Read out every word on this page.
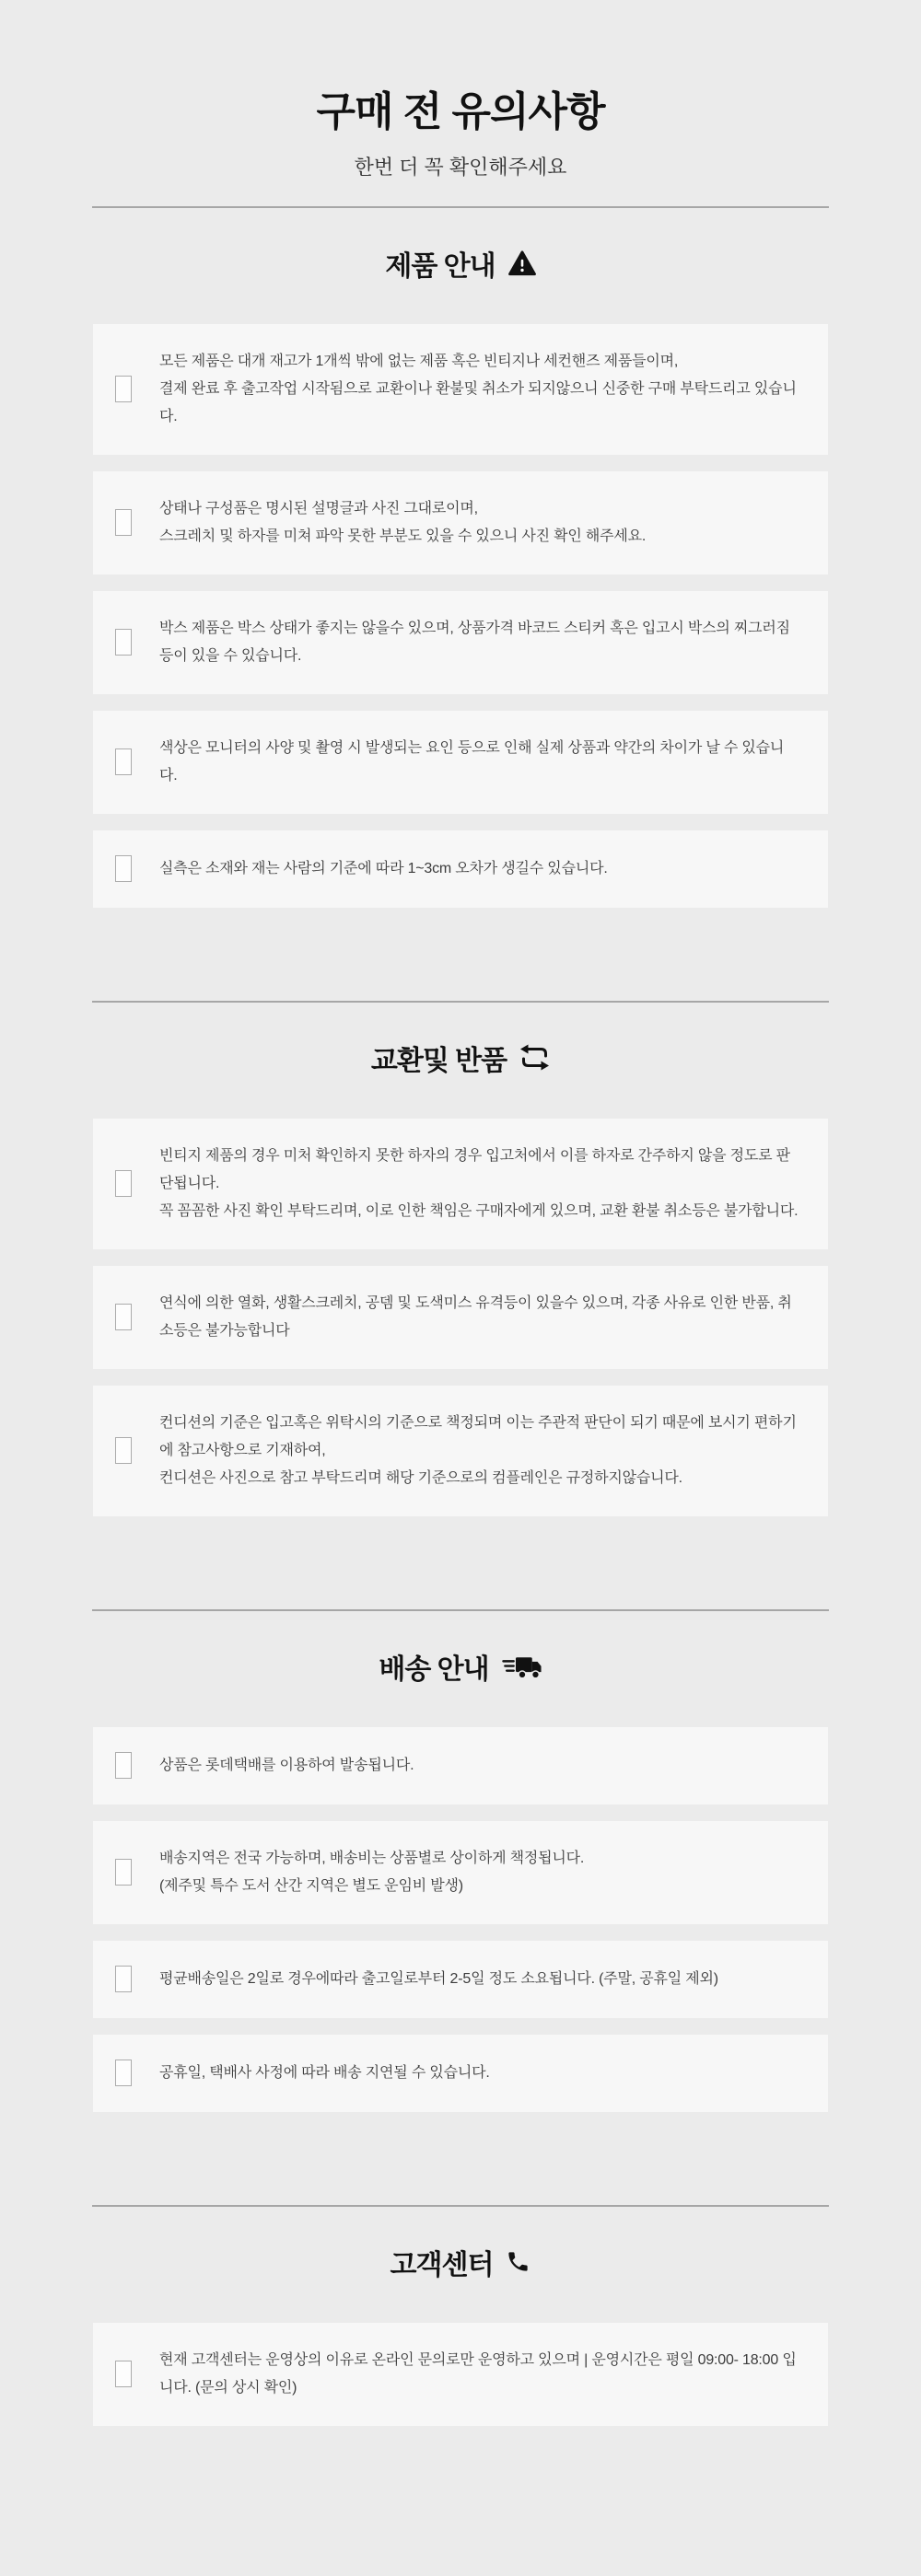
구매 전 유의사항

한번 더 꼭 확인해주세요

제품 안내

모든 제품은 대개 재고가 1개씩 밖에 없는 제품 혹은 빈티지나 세컨핸즈 제품들이며,

결제 완료 후 출고작업 시작됨으로 교환이나 환불및 취소가 되지않으니 신중한 구매 부탁드리고 있습니다.

상태나 구성품은 명시된 설명글과 사진 그대로이며,

스크레치 및 하자를 미쳐 파악 못한 부분도 있을 수 있으니 사진 확인 해주세요.

박스 제품은 박스 상태가 좋지는 않을수 있으며, 상품가격 바코드 스티커 혹은 입고시 박스의 찌그러짐등이 있을 수 있습니다.

색상은 모니터의 사양 및 촬영 시 발생되는 요인 등으로 인해 실제 상품과 약간의 차이가 날 수 있습니다.

실측은 소재와 재는 사람의 기준에 따라 1~3cm 오차가 생길수 있습니다.

교환및 반품

빈티지 제품의 경우 미처 확인하지 못한 하자의 경우 입고처에서 이를 하자로 간주하지 않을 정도로 판단됩니다.

꼭 꼼꼼한 사진 확인 부탁드리며, 이로 인한 책임은 구매자에게 있으며, 교환 환불 취소등은 불가합니다.

연식에 의한 열화, 생활스크레치, 공뎀 및 도색미스 유격등이 있을수 있으며, 각종 사유로 인한 반품, 취소등은 불가능합니다

컨디션의 기준은 입고혹은 위탁시의 기준으로 책정되며 이는 주관적 판단이 되기 때문에 보시기 편하기에 참고사항으로 기재하여,

컨디션은 사진으로 참고 부탁드리며 해당 기준으로의 컴플레인은 규정하지않습니다.

배송 안내

상품은 롯데택배를 이용하여 발송됩니다.

배송지역은 전국 가능하며, 배송비는 상품별로 상이하게 책정됩니다.

(제주및 특수 도서 산간 지역은 별도 운임비 발생)

평균배송일은 2일로 경우에따라 출고일로부터 2-5일 정도 소요됩니다. (주말, 공휴일 제외)

공휴일, 택배사 사정에 따라 배송 지연될 수 있습니다.

고객센터

현재 고객센터는 운영상의 이유로 온라인 문의로만 운영하고 있으며 | 운영시간은 평일 09:00- 18:00 입니다. (문의 상시 확인)
